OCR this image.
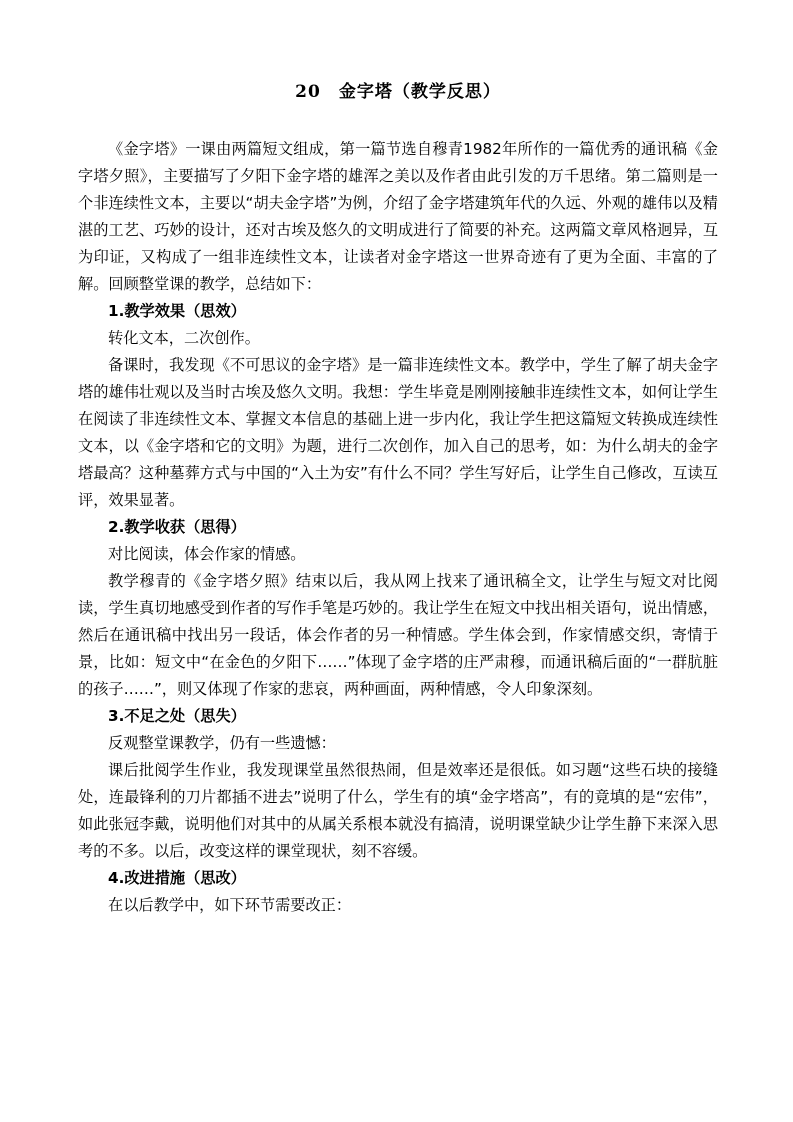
20 金字塔（教学反思）

《金字塔》一课由两篇短文组成，第一篇节选自穆青1982年所作的一篇优秀的通讯稿《金字塔夕照》，主要描写了夕阳下金字塔的雄浑之美以及作者由此引发的万千思绪。第二篇则是一个非连续性文本，主要以“胡夫金字塔”为例，介绍了金字塔建筑年代的久远、外观的雄伟以及精湛的工艺、巧妙的设计，还对古埃及悠久的文明成进行了简要的补充。这两篇文章风格迥异，互为印证，又构成了一组非连续性文本，让读者对金字塔这一世界奇迹有了更为全面、丰富的了解。回顾整堂课的教学，总结如下：

1.教学效果（思效）

转化文本，二次创作。

备课时，我发现《不可思议的金字塔》是一篇非连续性文本。教学中，学生了解了胡夫金字塔的雄伟壮观以及当时古埃及悠久文明。我想：学生毕竟是刚刚接触非连续性文本，如何让学生在阅读了非连续性文本、掌握文本信息的基础上进一步内化，我让学生把这篇短文转换成连续性文本，以《金字塔和它的文明》为题，进行二次创作，加入自己的思考，如：为什么胡夫的金字塔最高？这种墓葬方式与中国的“入土为安”有什么不同？学生写好后，让学生自己修改，互读互评，效果显著。

2.教学收获（思得）

对比阅读，体会作家的情感。

教学穆青的《金字塔夕照》结束以后，我从网上找来了通讯稿全文，让学生与短文对比阅读，学生真切地感受到作者的写作手笔是巧妙的。我让学生在短文中找出相关语句，说出情感，然后在通讯稿中找出另一段话，体会作者的另一种情感。学生体会到，作家情感交织，寄情于景，比如：短文中“在金色的夕阳下……”体现了金字塔的庄严肃穆，而通讯稿后面的“一群肮脏的孩子……”，则又体现了作家的悲哀，两种画面，两种情感，令人印象深刻。

3.不足之处（思失）

反观整堂课教学，仍有一些遗憾：

课后批阅学生作业，我发现课堂虽然很热闹，但是效率还是很低。如习题“这些石块的接缝处，连最锋利的刀片都插不进去”说明了什么，学生有的填“金字塔高”，有的竟填的是“宏伟”，如此张冠李戴，说明他们对其中的从属关系根本就没有搞清，说明课堂缺少让学生静下来深入思考的不多。以后，改变这样的课堂现状，刻不容缓。

4.改进措施（思改）

在以后教学中，如下环节需要改正：
